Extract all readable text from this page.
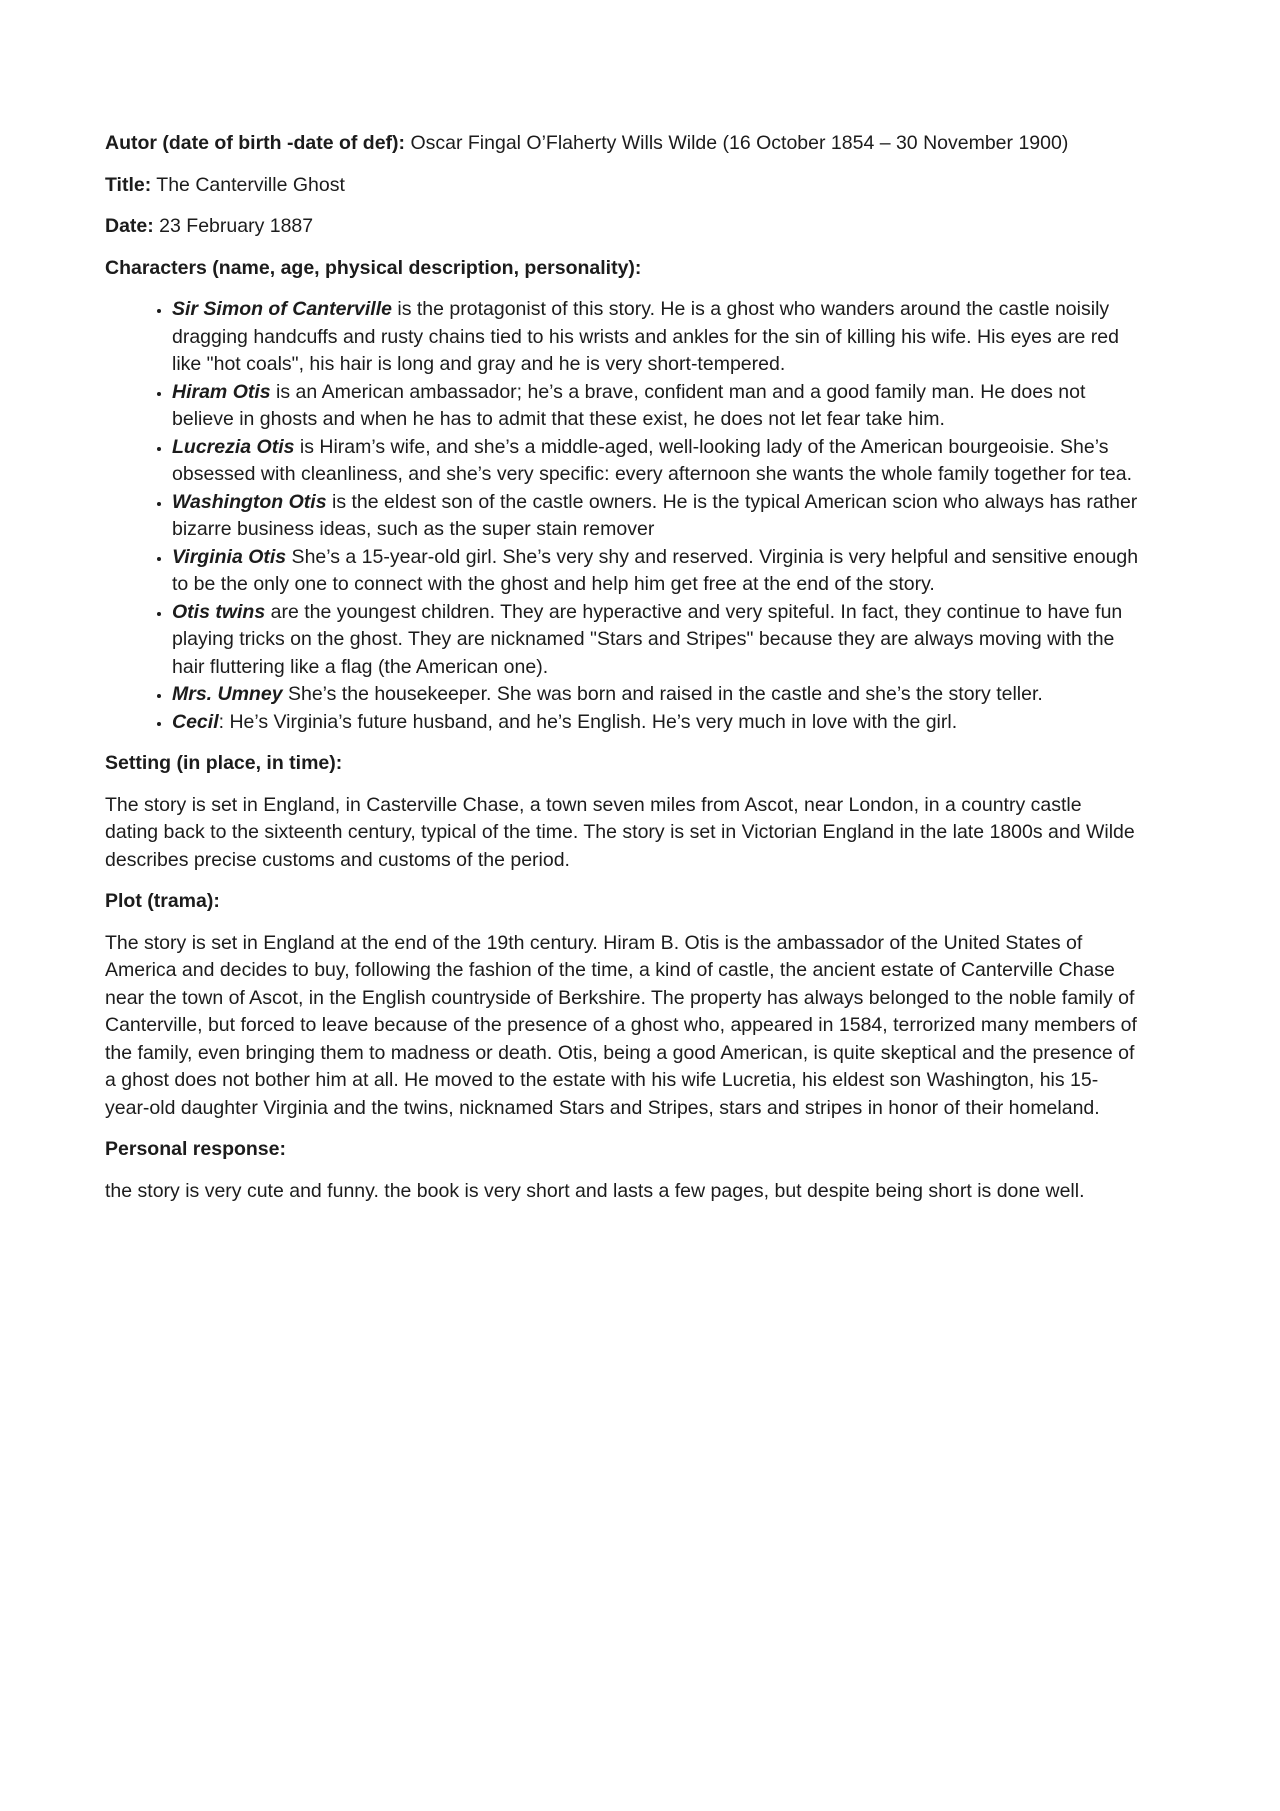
Autor (date of birth -date of def): Oscar Fingal O’Flaherty Wills Wilde (16 October 1854 – 30 November 1900)

Title: The Canterville Ghost

Date: 23 February 1887

Characters (name, age, physical description, personality):

• Sir Simon of Canterville is the protagonist of this story. He is a ghost who wanders around the castle noisily dragging handcuffs and rusty chains tied to his wrists and ankles for the sin of killing his wife. His eyes are red like "hot coals", his hair is long and gray and he is very short-tempered.
• Hiram Otis is an American ambassador; he’s a brave, confident man and a good family man. He does not believe in ghosts and when he has to admit that these exist, he does not let fear take him.
• Lucrezia Otis is Hiram’s wife, and she’s a middle-aged, well-looking lady of the American bourgeoisie. She’s obsessed with cleanliness, and she’s very specific: every afternoon she wants the whole family together for tea.
• Washington Otis is the eldest son of the castle owners. He is the typical American scion who always has rather bizarre business ideas, such as the super stain remover
• Virginia Otis She’s a 15-year-old girl. She’s very shy and reserved. Virginia is very helpful and sensitive enough to be the only one to connect with the ghost and help him get free at the end of the story.
• Otis twins are the youngest children. They are hyperactive and very spiteful. In fact, they continue to have fun playing tricks on the ghost. They are nicknamed "Stars and Stripes" because they are always moving with the hair fluttering like a flag (the American one).
• Mrs. Umney She’s the housekeeper. She was born and raised in the castle and she’s the story teller.
• Cecil: He’s Virginia’s future husband, and he’s English. He’s very much in love with the girl.

Setting (in place, in time):

The story is set in England, in Casterville Chase, a town seven miles from Ascot, near London, in a country castle dating back to the sixteenth century, typical of the time. The story is set in Victorian England in the late 1800s and Wilde describes precise customs and customs of the period.

Plot (trama):

The story is set in England at the end of the 19th century. Hiram B. Otis is the ambassador of the United States of America and decides to buy, following the fashion of the time, a kind of castle, the ancient estate of Canterville Chase near the town of Ascot, in the English countryside of Berkshire. The property has always belonged to the noble family of Canterville, but forced to leave because of the presence of a ghost who, appeared in 1584, terrorized many members of the family, even bringing them to madness or death. Otis, being a good American, is quite skeptical and the presence of a ghost does not bother him at all. He moved to the estate with his wife Lucretia, his eldest son Washington, his 15-year-old daughter Virginia and the twins, nicknamed Stars and Stripes, stars and stripes in honor of their homeland.

Personal response:

the story is very cute and funny. the book is very short and lasts a few pages, but despite being short is done well.
